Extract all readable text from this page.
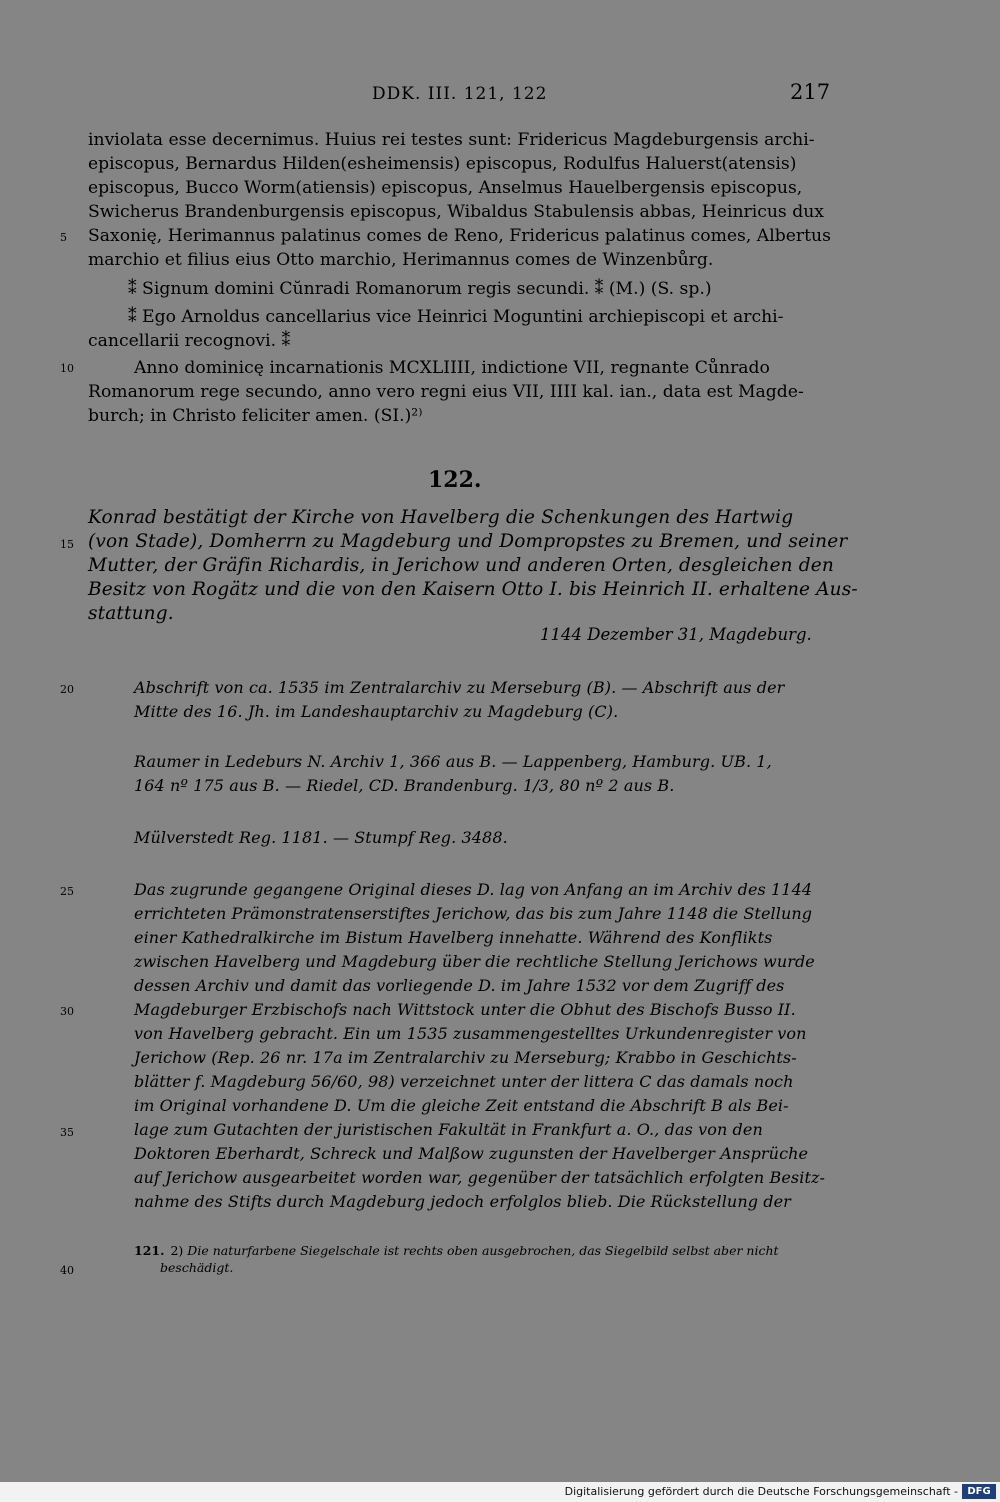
DDK. III. 121, 122	217
inviolata esse decernimus. Huius rei testes sunt: Fridericus Magdeburgensis archi-
episcopus, Bernardus Hilden(esheimensis) episcopus, Rodulfus Haluerst(atensis)
episcopus, Bucco Worm(atiensis) episcopus, Anselmus Hauelbergensis episcopus,
Swicherus Brandenburgensis episcopus, Wibaldus Stabulensis abbas, Heinricus dux
Saxonię, Herimannus palatinus comes de Reno, Fridericus palatinus comes, Albertus
marchio et filius eius Otto marchio, Herimannus comes de Winzenbůrg.
⁑ Signum domini Cŭnradi Romanorum regis secundi. ⁑ (M.) (S. sp.)
⁑ Ego Arnoldus cancellarius vice Heinrici Moguntini archiepiscopi et archi-
cancellarii recognovi. ⁑
Anno dominicę incarnationis MCXLIIII, indictione VII, regnante Cůnrado
Romanorum rege secundo, anno vero regni eius VII, IIII kal. ian., data est Magde-
burch; in Christo feliciter amen. (SI.)²⁾
5
10
15
20
25
30
35
40
122.
Konrad bestätigt der Kirche von Havelberg die Schenkungen des Hartwig
(von Stade), Domherrn zu Magdeburg und Dompropstes zu Bremen, und seiner
Mutter, der Gräfin Richardis, in Jerichow und anderen Orten, desgleichen den
Besitz von Rogätz und die von den Kaisern Otto I. bis Heinrich II. erhaltene Aus-
stattung.
1144 Dezember 31, Magdeburg.
Abschrift von ca. 1535 im Zentralarchiv zu Merseburg (B). — Abschrift aus der
Mitte des 16. Jh. im Landeshauptarchiv zu Magdeburg (C).
Raumer in Ledeburs N. Archiv 1, 366 aus B. — Lappenberg, Hamburg. UB. 1,
164 nº 175 aus B. — Riedel, CD. Brandenburg. 1/3, 80 nº 2 aus B.
Mülverstedt Reg. 1181. — Stumpf Reg. 3488.
Das zugrunde gegangene Original dieses D. lag von Anfang an im Archiv des 1144
errichteten Prämonstratenserstiftes Jerichow, das bis zum Jahre 1148 die Stellung
einer Kathedralkirche im Bistum Havelberg innehatte. Während des Konflikts
zwischen Havelberg und Magdeburg über die rechtliche Stellung Jerichows wurde
dessen Archiv und damit das vorliegende D. im Jahre 1532 vor dem Zugriff des
Magdeburger Erzbischofs nach Wittstock unter die Obhut des Bischofs Busso II.
von Havelberg gebracht. Ein um 1535 zusammengestelltes Urkundenregister von
Jerichow (Rep. 26 nr. 17a im Zentralarchiv zu Merseburg; Krabbo in Geschichts-
blätter f. Magdeburg 56/60, 98) verzeichnet unter der littera C das damals noch
im Original vorhandene D. Um die gleiche Zeit entstand die Abschrift B als Bei-
lage zum Gutachten der juristischen Fakultät in Frankfurt a. O., das von den
Doktoren Eberhardt, Schreck und Malßow zugunsten der Havelberger Ansprüche
auf Jerichow ausgearbeitet worden war, gegenüber der tatsächlich erfolgten Besitz-
nahme des Stifts durch Magdeburg jedoch erfolglos blieb. Die Rückstellung der
121. 2) Die naturfarbene Siegelschale ist rechts oben ausgebrochen, das Siegelbild selbst aber nicht
beschädigt.
Digitalisierung gefördert durch die Deutsche Forschungsgemeinschaft - DFG
